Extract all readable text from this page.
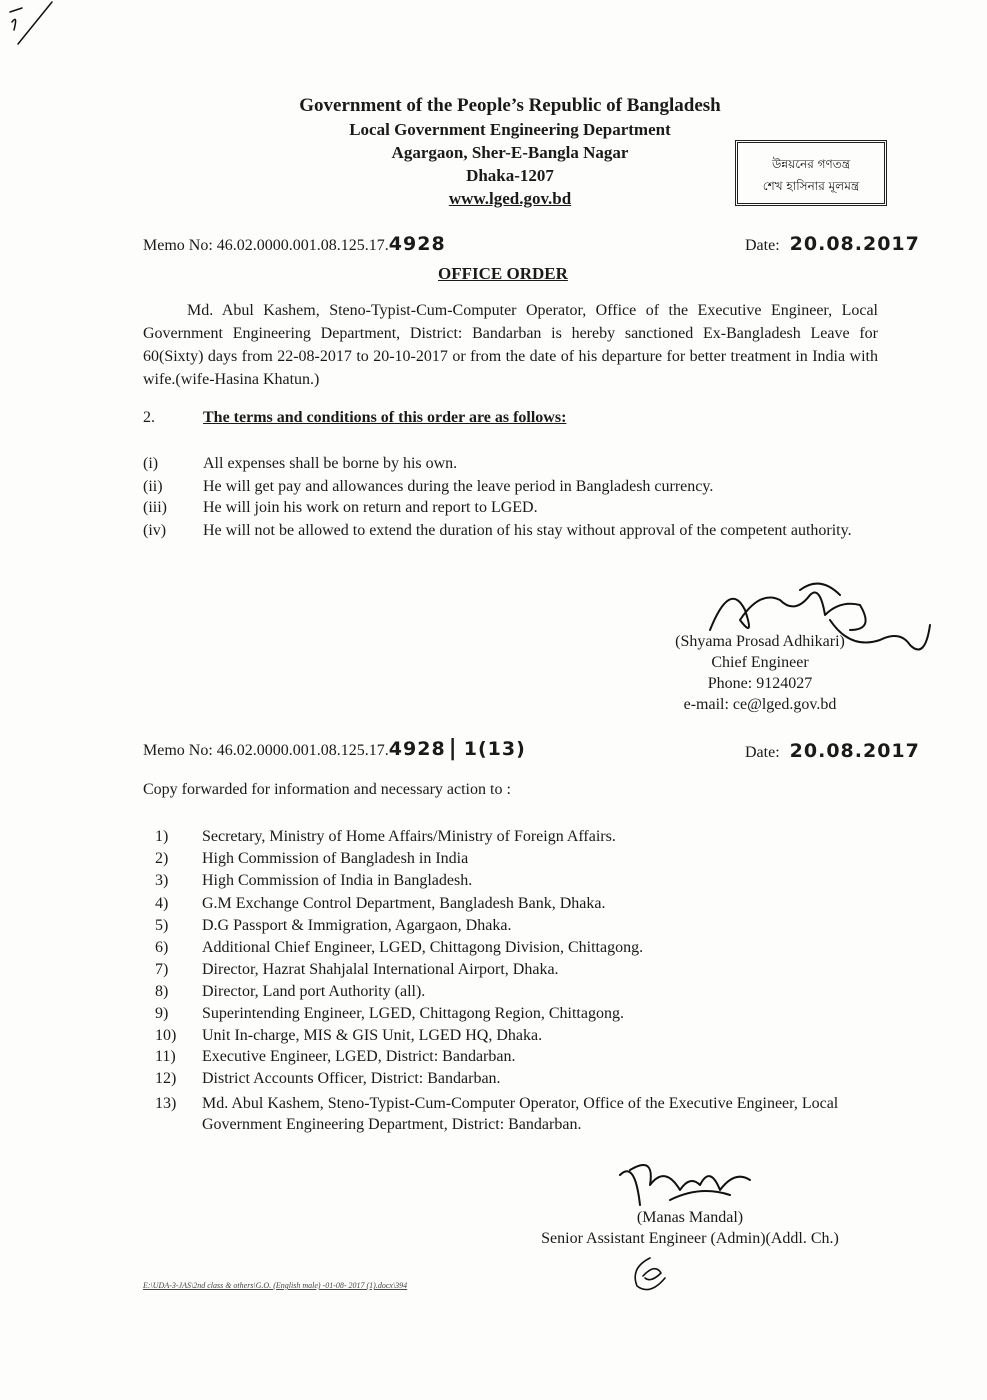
Government of the People’s Republic of Bangladesh
Local Government Engineering Department
Agargaon, Sher-E-Bangla Nagar
Dhaka-1207
www.lged.gov.bd
উন্নয়নের গণতন্ত্র
শেখ হাসিনার মূলমন্ত্র
Memo No: 46.02.0000.001.08.125.17.4928	Date: 20.08.2017
OFFICE ORDER
Md. Abul Kashem, Steno-Typist-Cum-Computer Operator, Office of the Executive Engineer, Local Government Engineering Department, District: Bandarban is hereby sanctioned Ex-Bangladesh Leave for 60(Sixty) days from 22-08-2017 to 20-10-2017 or from the date of his departure for better treatment in India with wife.(wife-Hasina Khatun.)
2.	The terms and conditions of this order are as follows:
(i)	All expenses shall be borne by his own.
(ii)	He will get pay and allowances during the leave period in Bangladesh currency.
(iii) He will join his work on return and report to LGED.
(iv) He will not be allowed to extend the duration of his stay without approval of the competent authority.
(Shyama Prosad Adhikari)
Chief Engineer
Phone: 9124027
e-mail: ce@lged.gov.bd
Memo No: 46.02.0000.001.08.125.17.4928 | 1(13)	Date: 20.08.2017
Copy forwarded for information and necessary action to :
1) Secretary, Ministry of Home Affairs/Ministry of Foreign Affairs.
2) High Commission of Bangladesh in India
3) High Commission of India in Bangladesh.
4) G.M Exchange Control Department, Bangladesh Bank, Dhaka.
5) D.G Passport & Immigration, Agargaon, Dhaka.
6) Additional Chief Engineer, LGED, Chittagong Division, Chittagong.
7) Director, Hazrat Shahjalal International Airport, Dhaka.
8) Director, Land port Authority (all).
9) Superintending Engineer, LGED, Chittagong Region, Chittagong.
10) Unit In-charge, MIS & GIS Unit, LGED HQ, Dhaka.
11) Executive Engineer, LGED, District: Bandarban.
12) District Accounts Officer, District: Bandarban.
13) Md. Abul Kashem, Steno-Typist-Cum-Computer Operator, Office of the Executive Engineer, Local Government Engineering Department, District: Bandarban.
(Manas Mandal)
Senior Assistant Engineer (Admin)(Addl. Ch.)
E:\UDA-3-JAS\2nd class & others\G.O. (English male) -01-08- 2017 (1).docx\394
